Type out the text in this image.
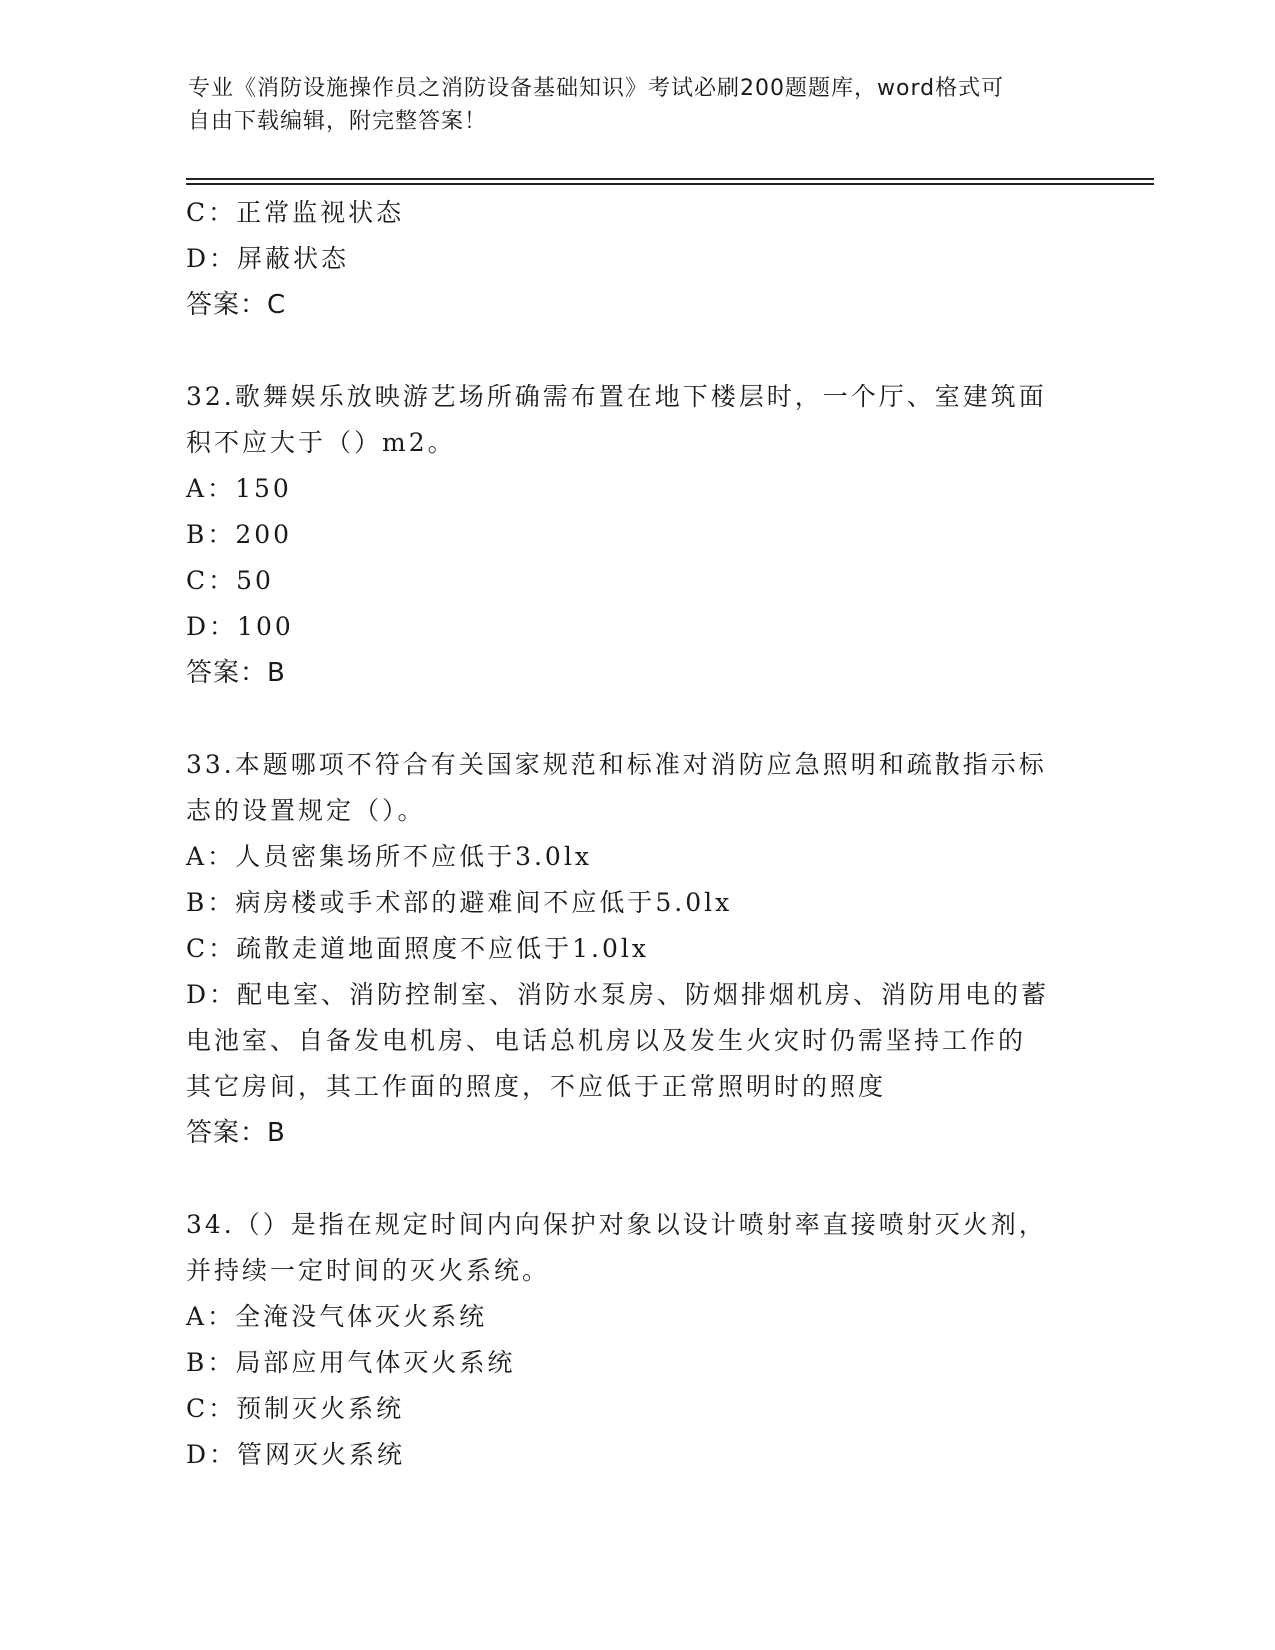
专业《消防设施操作员之消防设备基础知识》考试必刷200题题库，word格式可
自由下载编辑，附完整答案！
C：正常监视状态
D：屏蔽状态
答案：C
32.歌舞娱乐放映游艺场所确需布置在地下楼层时，一个厅、室建筑面
积不应大于（）m2。
A：150
B：200
C：50
D：100
答案：B
33.本题哪项不符合有关国家规范和标准对消防应急照明和疏散指示标
志的设置规定（）。
A：人员密集场所不应低于3.0lx
B：病房楼或手术部的避难间不应低于5.0lx
C：疏散走道地面照度不应低于1.0lx
D：配电室、消防控制室、消防水泵房、防烟排烟机房、消防用电的蓄
电池室、自备发电机房、电话总机房以及发生火灾时仍需坚持工作的
其它房间，其工作面的照度，不应低于正常照明时的照度
答案：B
34.（）是指在规定时间内向保护对象以设计喷射率直接喷射灭火剂，
并持续一定时间的灭火系统。
A：全淹没气体灭火系统
B：局部应用气体灭火系统
C：预制灭火系统
D：管网灭火系统
